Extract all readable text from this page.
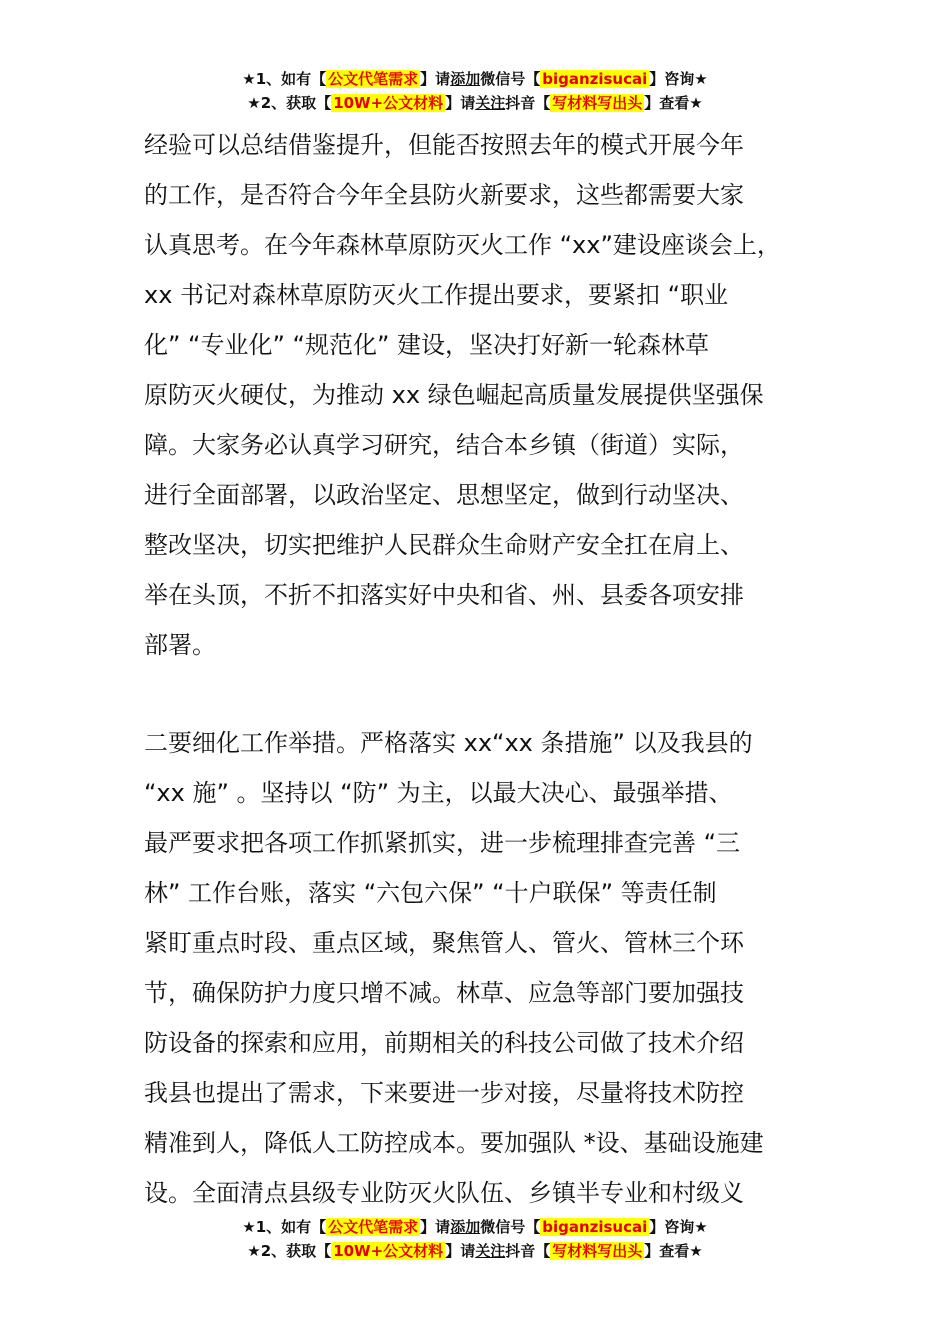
★1、如有【 公文代笔需求 】请添加微信号【 biganzisucai 】咨询★
★2、获取【 10W+公文材料 】请关注抖音【 写材料写出头 】查看★

经验可以总结借鉴提升，但能否按照去年的模式开展今年

的工作，是否符合今年全县防火新要求，这些都需要大家

认真思考。在今年森林草原防灭火工作 “xx”建设座谈会上，

xx 书记对森林草原防灭火工作提出要求，要紧扣 “职业

化” “专业化” “规范化” 建设，坚决打好新一轮森林草

原防灭火硬仗，为推动 xx 绿色崛起高质量发展提供坚强保

障。大家务必认真学习研究，结合本乡镇（街道）实际，

进行全面部署，以政治坚定、思想坚定，做到行动坚决、

整改坚决，切实把维护人民群众生命财产安全扛在肩上、

举在头顶，不折不扣落实好中央和省、州、县委各项安排

部署。

二要细化工作举措。严格落实 xx“xx 条措施” 以及我县的

“xx 施” 。坚持以 “防” 为主，以最大决心、最强举措、

最严要求把各项工作抓紧抓实，进一步梳理排查完善 “三

林” 工作台账，落实 “六包六保” “十户联保” 等责任制

紧盯重点时段、重点区域，聚焦管人、管火、管林三个环

节，确保防护力度只增不减。林草、应急等部门要加强技

防设备的探索和应用，前期相关的科技公司做了技术介绍

我县也提出了需求，下来要进一步对接，尽量将技术防控

精准到人，降低人工防控成本。要加强队 *设、基础设施建

设。全面清点县级专业防灭火队伍、乡镇半专业和村级义

★1、如有【 公文代笔需求 】请添加微信号【 biganzisucai 】咨询★
★2、获取【 10W+公文材料 】请关注抖音【 写材料写出头 】查看★
